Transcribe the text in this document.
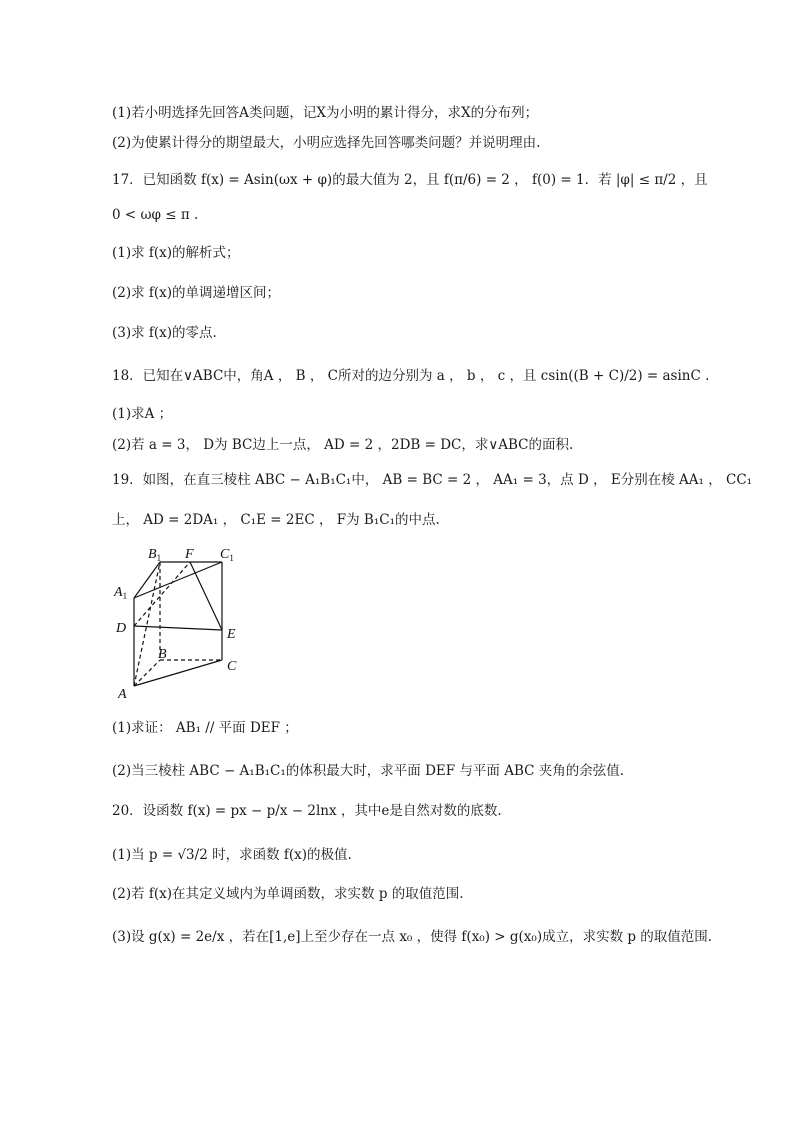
(1)若小明选择先回答A类问题，记X为小明的累计得分，求X的分布列；
(2)为使累计得分的期望最大，小明应选择先回答哪类问题？并说明理由.
17．已知函数 f(x) = Asin(ωx + φ)的最大值为 2，且 f(π/6) = 2 ， f(0) = 1．若 |φ| ≤ π/2 ，且
0 < ωφ ≤ π .
(1)求 f(x)的解析式；
(2)求 f(x)的单调递增区间；
(3)求 f(x)的零点.
18．已知在∨ABC中，角A ， B ， C所对的边分别为 a ， b ， c ，且 csin((B + C)/2) = asinC .
(1)求A ；
(2)若 a = 3， D为 BC边上一点， AD = 2 ，2DB = DC，求∨ABC的面积.
19．如图，在直三棱柱 ABC − A₁B₁C₁中， AB = BC = 2 ， AA₁ = 3，点 D ， E分别在棱 AA₁ ， CC₁
上， AD = 2DA₁ ， C₁E = 2EC ， F为 B₁C₁的中点.
$B_1$ F $C_1$
$A_1$
D	E
B
C
A
(1)求证： AB₁ // 平面 DEF ；
(2)当三棱柱 ABC − A₁B₁C₁的体积最大时，求平面 DEF 与平面 ABC 夹角的余弦值.
20．设函数 f(x) = px − p/x − 2lnx ，其中e是自然对数的底数.
(1)当 p = √3/2 时，求函数 f(x)的极值.
(2)若 f(x)在其定义域内为单调函数，求实数 p 的取值范围.
(3)设 g(x) = 2e/x ，若在[1,e]上至少存在一点 x₀ ，使得 f(x₀) > g(x₀)成立，求实数 p 的取值范围.
